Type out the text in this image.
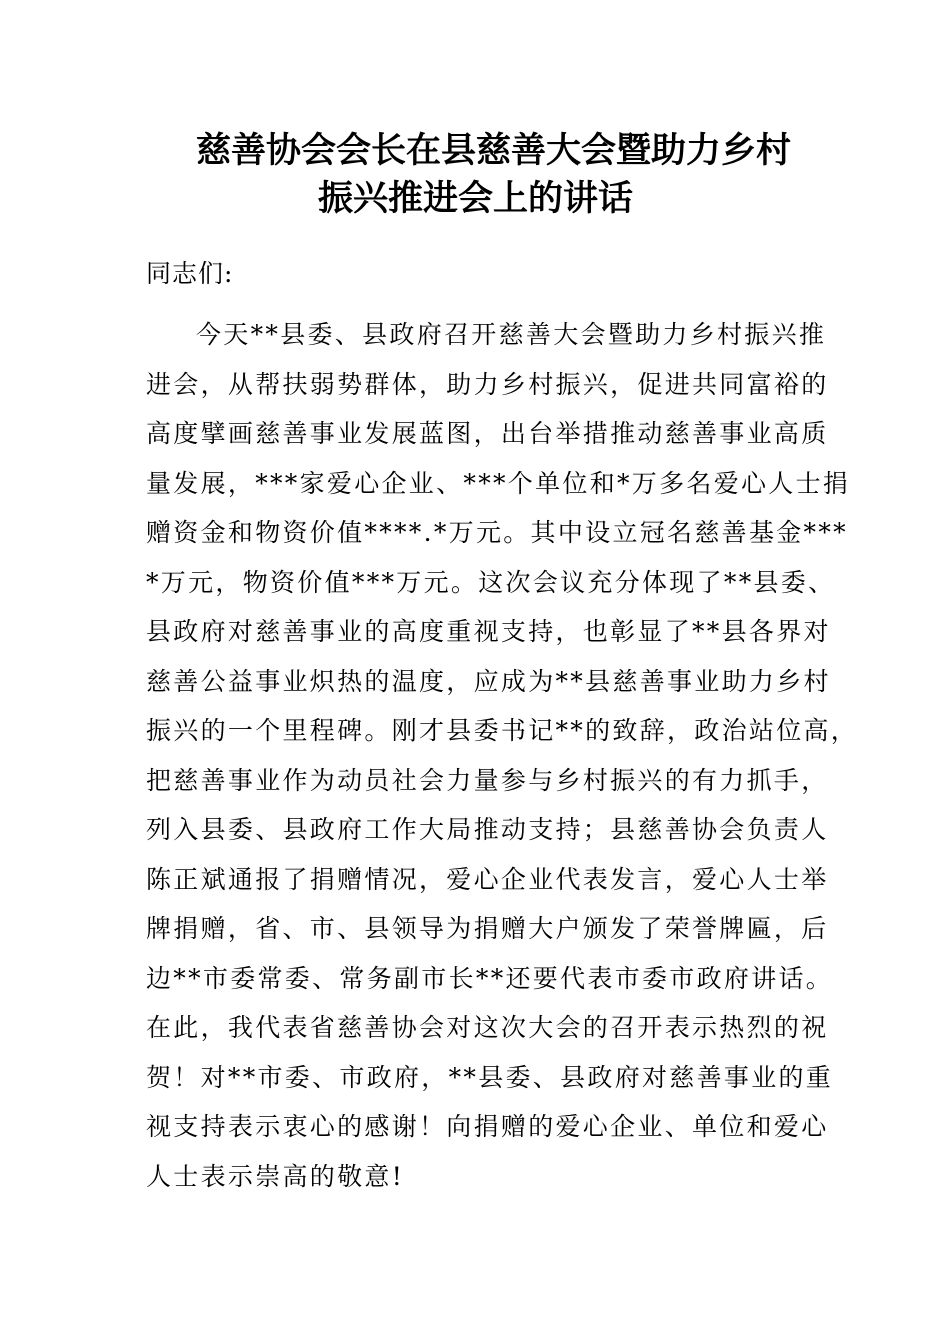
慈善协会会长在县慈善大会暨助力乡村
振兴推进会上的讲话
同志们:
今天**县委、县政府召开慈善大会暨助力乡村振兴推
进会，从帮扶弱势群体，助力乡村振兴，促进共同富裕的
高度擘画慈善事业发展蓝图，出台举措推动慈善事业高质
量发展，***家爱心企业、***个单位和*万多名爱心人士捐
赠资金和物资价值****.*万元。其中设立冠名慈善基金***
*万元，物资价值***万元。这次会议充分体现了**县委、
县政府对慈善事业的高度重视支持，也彰显了**县各界对
慈善公益事业炽热的温度，应成为**县慈善事业助力乡村
振兴的一个里程碑。刚才县委书记**的致辞，政治站位高，
把慈善事业作为动员社会力量参与乡村振兴的有力抓手，
列入县委、县政府工作大局推动支持；县慈善协会负责人
陈正斌通报了捐赠情况，爱心企业代表发言，爱心人士举
牌捐赠，省、市、县领导为捐赠大户颁发了荣誉牌匾，后
边**市委常委、常务副市长**还要代表市委市政府讲话。
在此，我代表省慈善协会对这次大会的召开表示热烈的祝
贺！对**市委、市政府，**县委、县政府对慈善事业的重
视支持表示衷心的感谢！向捐赠的爱心企业、单位和爱心
人士表示崇高的敬意!
